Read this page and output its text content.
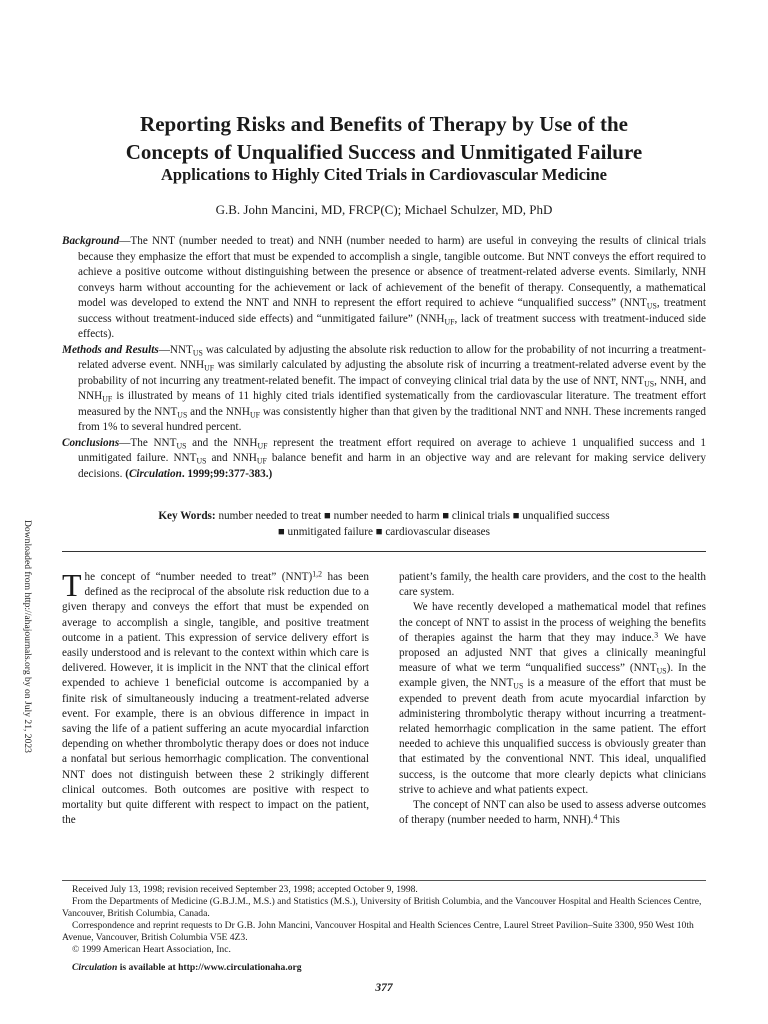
Reporting Risks and Benefits of Therapy by Use of the
Concepts of Unqualified Success and Unmitigated Failure
Applications to Highly Cited Trials in Cardiovascular Medicine
G.B. John Mancini, MD, FRCP(C); Michael Schulzer, MD, PhD

Background—The NNT (number needed to treat) and NNH (number needed to harm) are useful in conveying the results of clinical trials because they emphasize the effort that must be expended to accomplish a single, tangible outcome. But NNT conveys the effort required to achieve a positive outcome without distinguishing between the presence or absence of treatment-related adverse events. Similarly, NNH conveys harm without accounting for the achievement or lack of achievement of the benefit of therapy. Consequently, a mathematical model was developed to extend the NNT and NNH to represent the effort required to achieve “unqualified success” ($NNT_{US}$, treatment success without treatment-induced side effects) and “unmitigated failure” ($NNH_{UF}$, lack of treatment success with treatment-induced side effects).

Methods and $Results—NNT_{US}$ was calculated by adjusting the absolute risk reduction to allow for the probability of not incurring a treatment-related adverse event. $NNH_{UF}$ was similarly calculated by adjusting the absolute risk of incurring a treatment-related adverse event by the probability of not incurring any treatment-related benefit. The impact of conveying clinical trial data by the use of NNT, $NNT_{US}$, NNH, and $NNH_{UF}$ is illustrated by means of 11 highly cited trials identified systematically from the cardiovascular literature. The treatment effort measured by the $NNT_{US}$ and the $NNH_{UF}$ was consistently higher than that given by the traditional NNT and NNH. These increments ranged from 1% to several hundred percent.

Conclusions—The $NNT_{US}$ and the $NNH_{UF}$ represent the treatment effort required on average to achieve 1 unqualified success and 1 unmitigated failure. $NNT_{US}$ and $NNH_{UF}$ balance benefit and harm in an objective way and are relevant for making service delivery decisions. (Circulation. 1999;99:377-383.)

Key Words: number needed to treat ■ number needed to harm ■ clinical trials ■ unqualified success
■ unmitigated failure ■ cardiovascular diseases
Downloaded from http://ahajournals.org by on July 21, 2023 The concept of “number needed to treat” (NNT)$^{1,2}$ has been defined as the reciprocal of the absolute risk reduction due to a given therapy and conveys the effort that must be expended on average to accomplish a single, tangible, and positive treatment outcome in a patient. This expression of service delivery effort is easily understood and is relevant to the context within which care is delivered. However, it is implicit in the NNT that the clinical effort expended to achieve 1 beneficial outcome is accompanied by a finite risk of simultaneously inducing a treatment-related adverse event. For example, there is an obvious difference in impact in saving the life of a patient suffering an acute myocardial infarction depending on whether thrombolytic therapy does or does not induce a nonfatal but serious hemorrhagic complication. The conventional NNT does not distinguish between these 2 strikingly different clinical outcomes. Both outcomes are positive with respect to mortality but quite different with respect to impact on the patient, the

patient’s family, the health care providers, and the cost to the health care system.

We have recently developed a mathematical model that refines the concept of NNT to assist in the process of weighing the benefits of therapies against the harm that they may induce.$^3$ We have proposed an adjusted NNT that gives a clinically meaningful measure of what we term “unqualified success” $(NNT_{US})$. In the example given, the $NNT_{US}$ is a measure of the effort that must be expended to prevent death from acute myocardial infarction by administering thrombolytic therapy without incurring a treatment-related hemorrhagic complication in the same patient. The effort needed to achieve this unqualified success is obviously greater than that estimated by the conventional NNT. This ideal, unqualified success, is the outcome that more clearly depicts what clinicians strive to achieve and what patients expect.

The concept of NNT can also be used to assess adverse outcomes of therapy (number needed to harm, NNH).$^4$ This

Received July 13, 1998; revision received September 23, 1998; accepted October 9, 1998.

From the Departments of Medicine (G.B.J.M., M.S.) and Statistics (M.S.), University of British Columbia, and the Vancouver Hospital and Health Sciences Centre, Vancouver, British Columbia, Canada.

Correspondence and reprint requests to Dr G.B. John Mancini, Vancouver Hospital and Health Sciences Centre, Laurel Street Pavilion–Suite 3300, 950 West 10th Avenue, Vancouver, British Columbia V5E 4Z3.

© 1999 American Heart Association, Inc.

Circulation is available at http://www.circulationaha.org

377
